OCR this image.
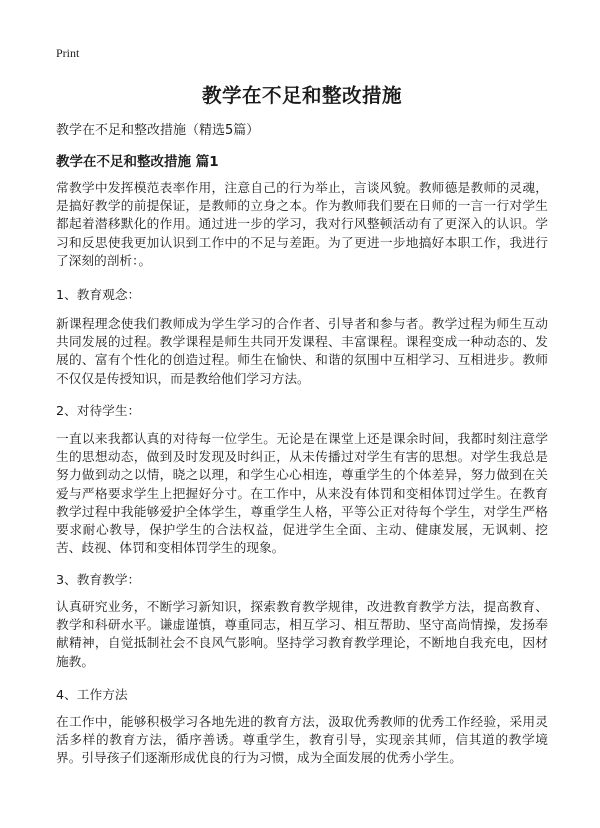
Print
教学在不足和整改措施
教学在不足和整改措施（精选5篇）
教学在不足和整改措施 篇1

常教学中发挥模范表率作用，注意自己的行为举止，言谈风貌。教师德是教师的灵魂，是搞好教学的前提保证，是教师的立身之本。作为教师我们要在日师的一言一行对学生都起着潜移默化的作用。通过进一步的学习，我对行风整顿活动有了更深入的认识。学习和反思使我更加认识到工作中的不足与差距。为了更进一步地搞好本职工作，我进行了深刻的剖析：。

1、教育观念：

新课程理念使我们教师成为学生学习的合作者、引导者和参与者。教学过程为师生互动共同发展的过程。教学课程是师生共同开发课程、丰富课程。课程变成一种动态的、发展的、富有个性化的创造过程。师生在愉快、和谐的氛围中互相学习、互相进步。教师不仅仅是传授知识，而是教给他们学习方法。

2、对待学生：

一直以来我都认真的对待每一位学生。无论是在课堂上还是课余时间，我都时刻注意学生的思想动态，做到及时发现及时纠正，从未传播过对学生有害的思想。对学生我总是努力做到动之以情，晓之以理，和学生心心相连，尊重学生的个体差异，努力做到在关爱与严格要求学生上把握好分寸。在工作中，从来没有体罚和变相体罚过学生。在教育教学过程中我能够爱护全体学生，尊重学生人格，平等公正对待每个学生，对学生严格要求耐心教导，保护学生的合法权益，促进学生全面、主动、健康发展，无讽刺、挖苦、歧视、体罚和变相体罚学生的现象。

3、教育教学：

认真研究业务，不断学习新知识，探索教育教学规律，改进教育教学方法，提高教育、教学和科研水平。谦虚谨慎，尊重同志，相互学习、相互帮助、坚守高尚情操，发扬奉献精神，自觉抵制社会不良风气影响。坚持学习教育教学理论，不断地自我充电，因材施教。

4、工作方法

在工作中，能够积极学习各地先进的教育方法，汲取优秀教师的优秀工作经验，采用灵活多样的教育方法，循序善诱。尊重学生，教育引导，实现亲其师，信其道的教学境界。引导孩子们逐渐形成优良的行为习惯，成为全面发展的优秀小学生。
